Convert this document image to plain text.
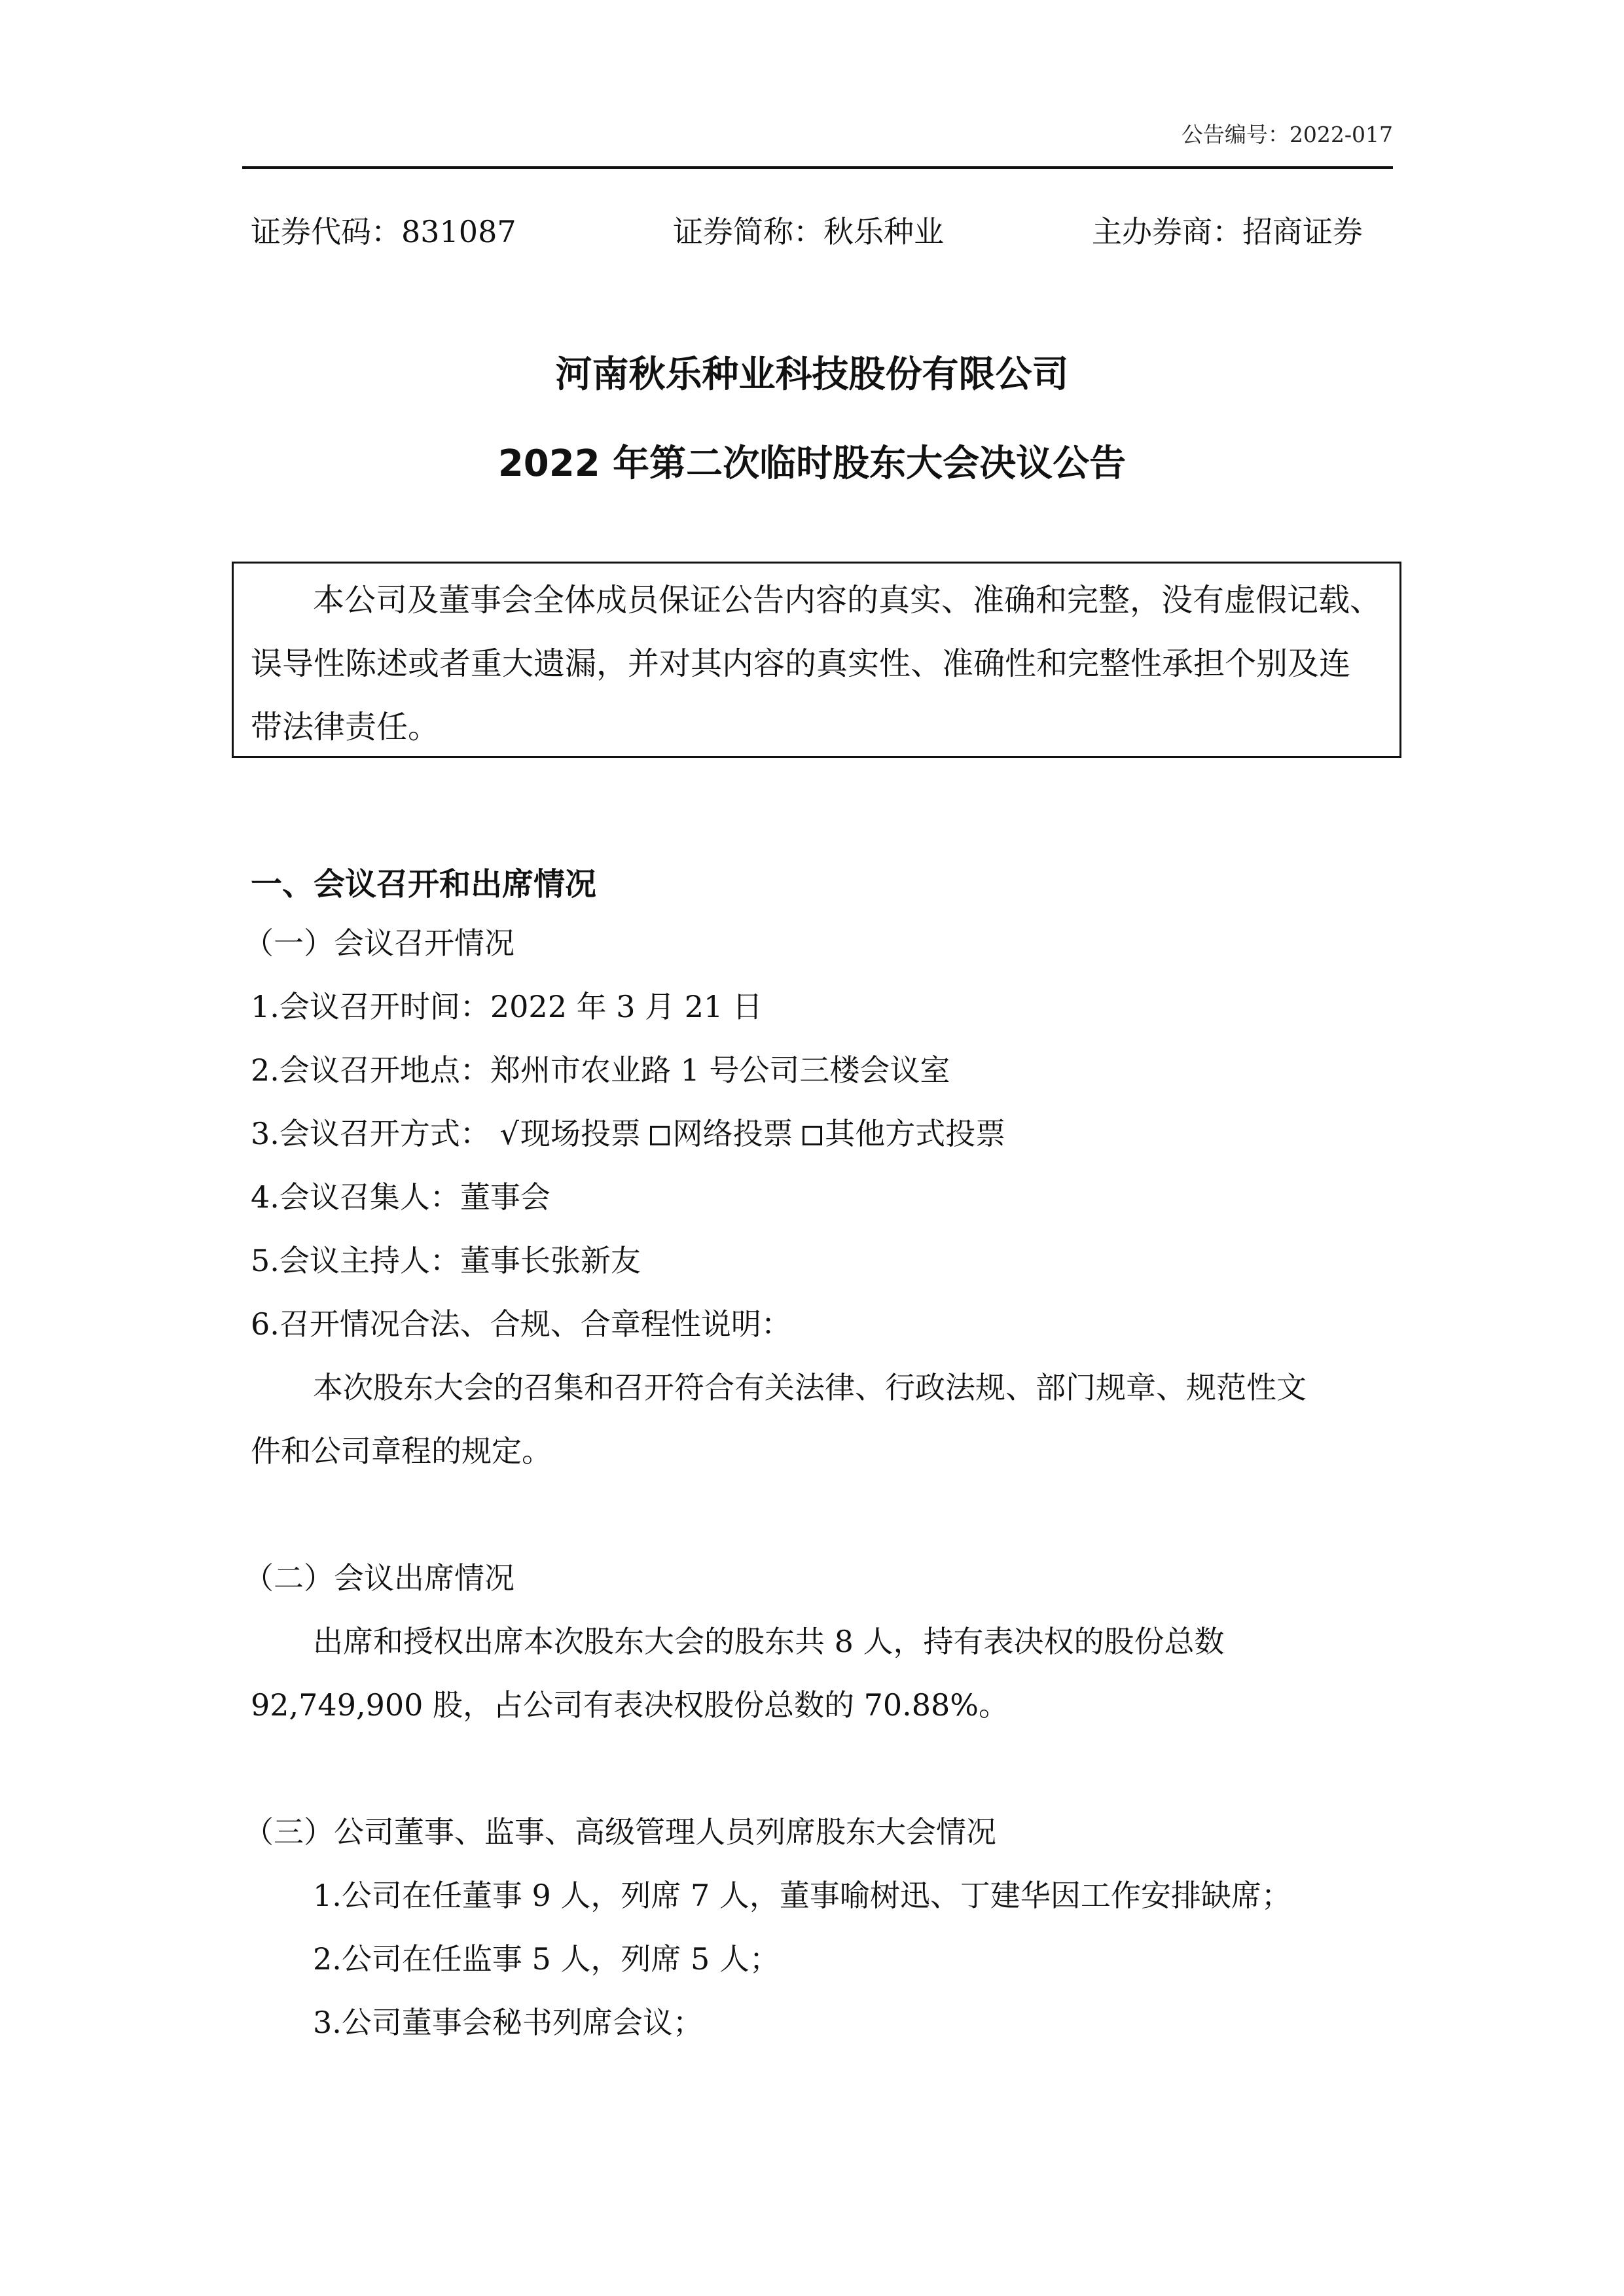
公告编号：2022-017
证券代码：831087	证券简称：秋乐种业	主办券商：招商证券
河南秋乐种业科技股份有限公司
2022 年第二次临时股东大会决议公告
本公司及董事会全体成员保证公告内容的真实、准确和完整，没有虚假记载、
误导性陈述或者重大遗漏，并对其内容的真实性、准确性和完整性承担个别及连
带法律责任。
一、会议召开和出席情况
（一）会议召开情况
1.会议召开时间：2022 年 3 月 21 日
2.会议召开地点：郑州市农业路 1 号公司三楼会议室
3.会议召开方式： √现场投票 网络投票 其他方式投票
4.会议召集人：董事会
5.会议主持人：董事长张新友
6.召开情况合法、合规、合章程性说明：
本次股东大会的召集和召开符合有关法律、行政法规、部门规章、规范性文
件和公司章程的规定。
（二）会议出席情况
出席和授权出席本次股东大会的股东共 8 人，持有表决权的股份总数
92,749,900 股，占公司有表决权股份总数的 70.88%。
（三）公司董事、监事、高级管理人员列席股东大会情况
1.公司在任董事 9 人，列席 7 人，董事喻树迅、丁建华因工作安排缺席；
2.公司在任监事 5 人，列席 5 人；
3.公司董事会秘书列席会议；
